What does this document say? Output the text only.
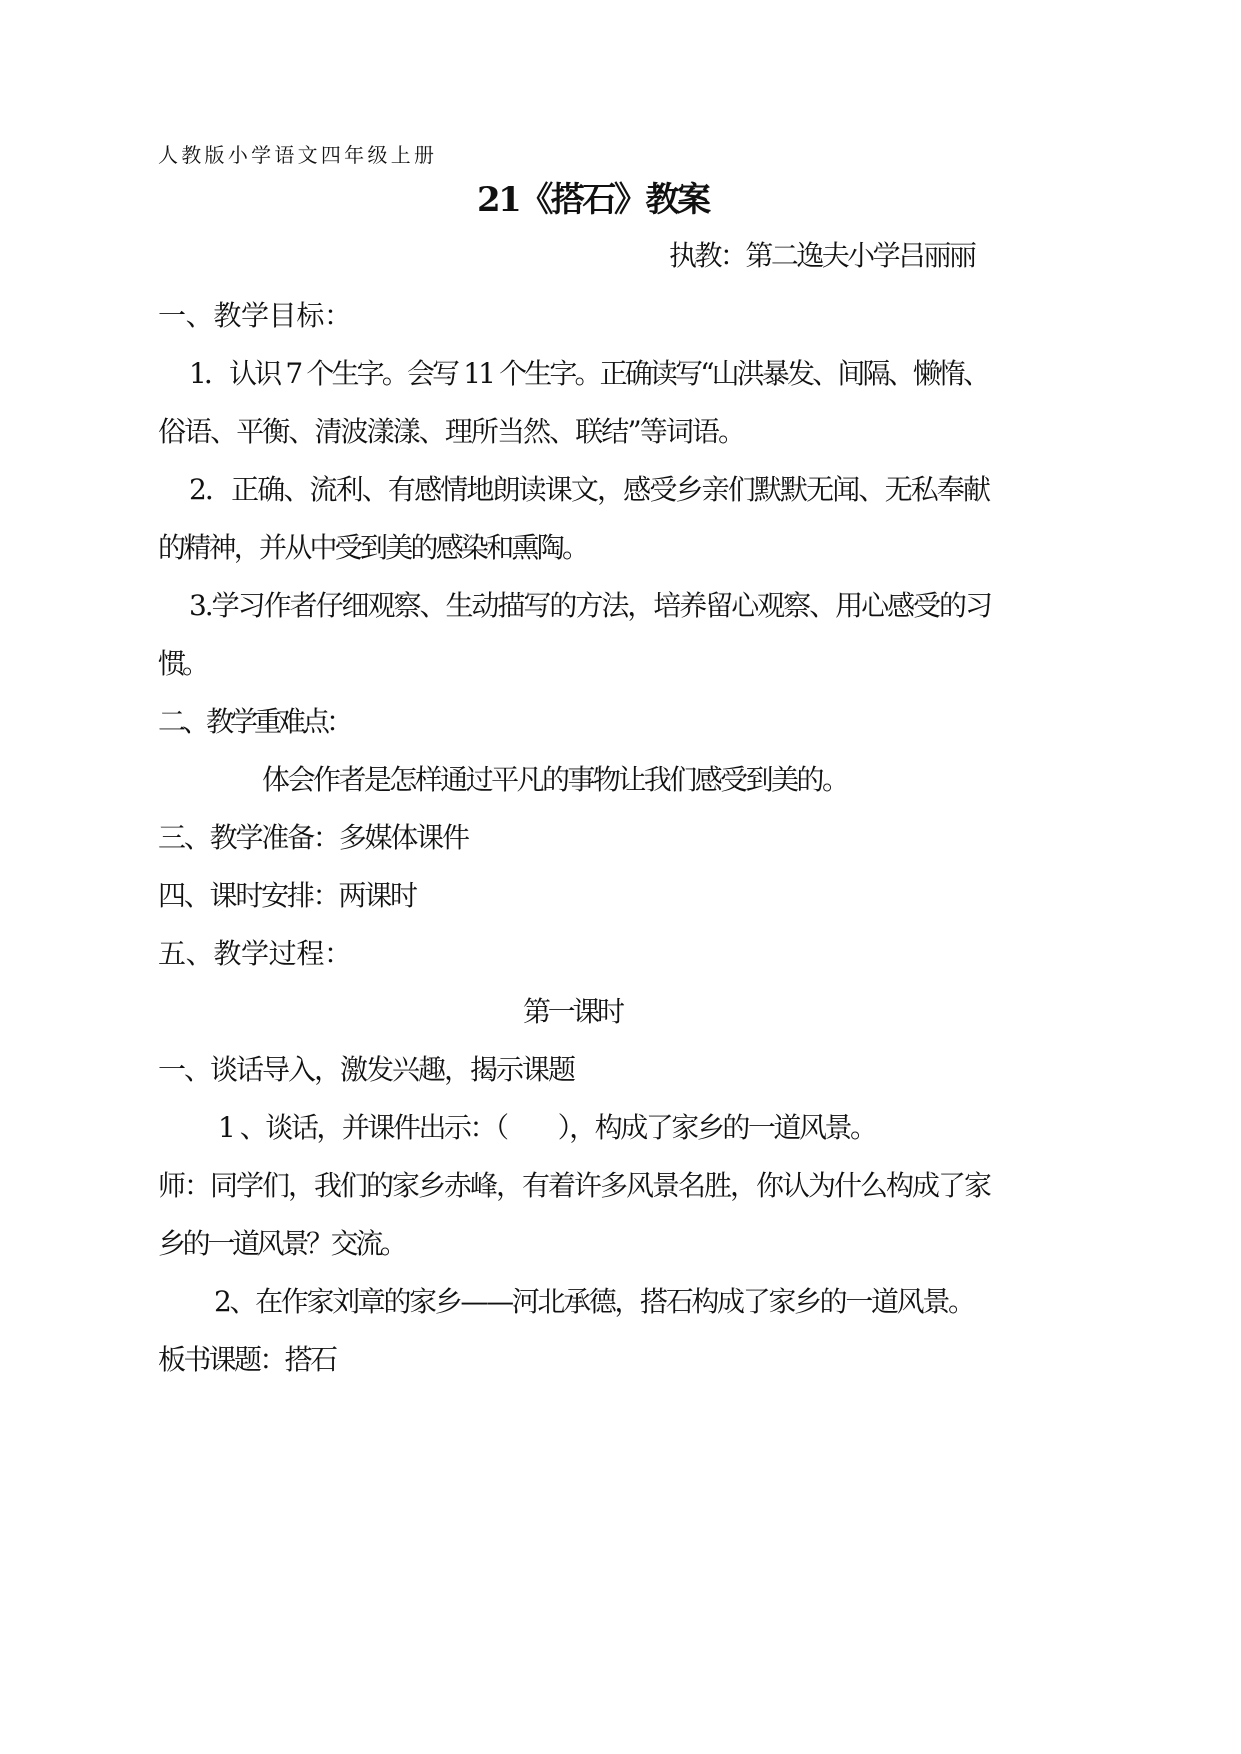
人教版小学语文四年级上册
21《搭石》教案
执教：第二逸夫小学吕丽丽
一、教学目标：
1．认识 7 个生字。会写 11 个生字。正确读写“山洪暴发、间隔、懒惰、
俗语、平衡、清波漾漾、理所当然、联结”等词语。
2．正确、流利、有感情地朗读课文，感受乡亲们默默无闻、无私奉献
的精神，并从中受到美的感染和熏陶。
3.学习作者仔细观察、生动描写的方法，培养留心观察、用心感受的习
惯。
二、教学重难点：
体会作者是怎样通过平凡的事物让我们感受到美的。
三、教学准备：多媒体课件
四、课时安排：两课时
五、教学过程：
第一课时
一、谈话导入，激发兴趣，揭示课题
1 、谈话，并课件出示：（　　），构成了家乡的一道风景。
师：同学们，我们的家乡赤峰，有着许多风景名胜，你认为什么构成了家
乡的一道风景？交流。
2、在作家刘章的家乡——河北承德，搭石构成了家乡的一道风景。
板书课题：搭石
